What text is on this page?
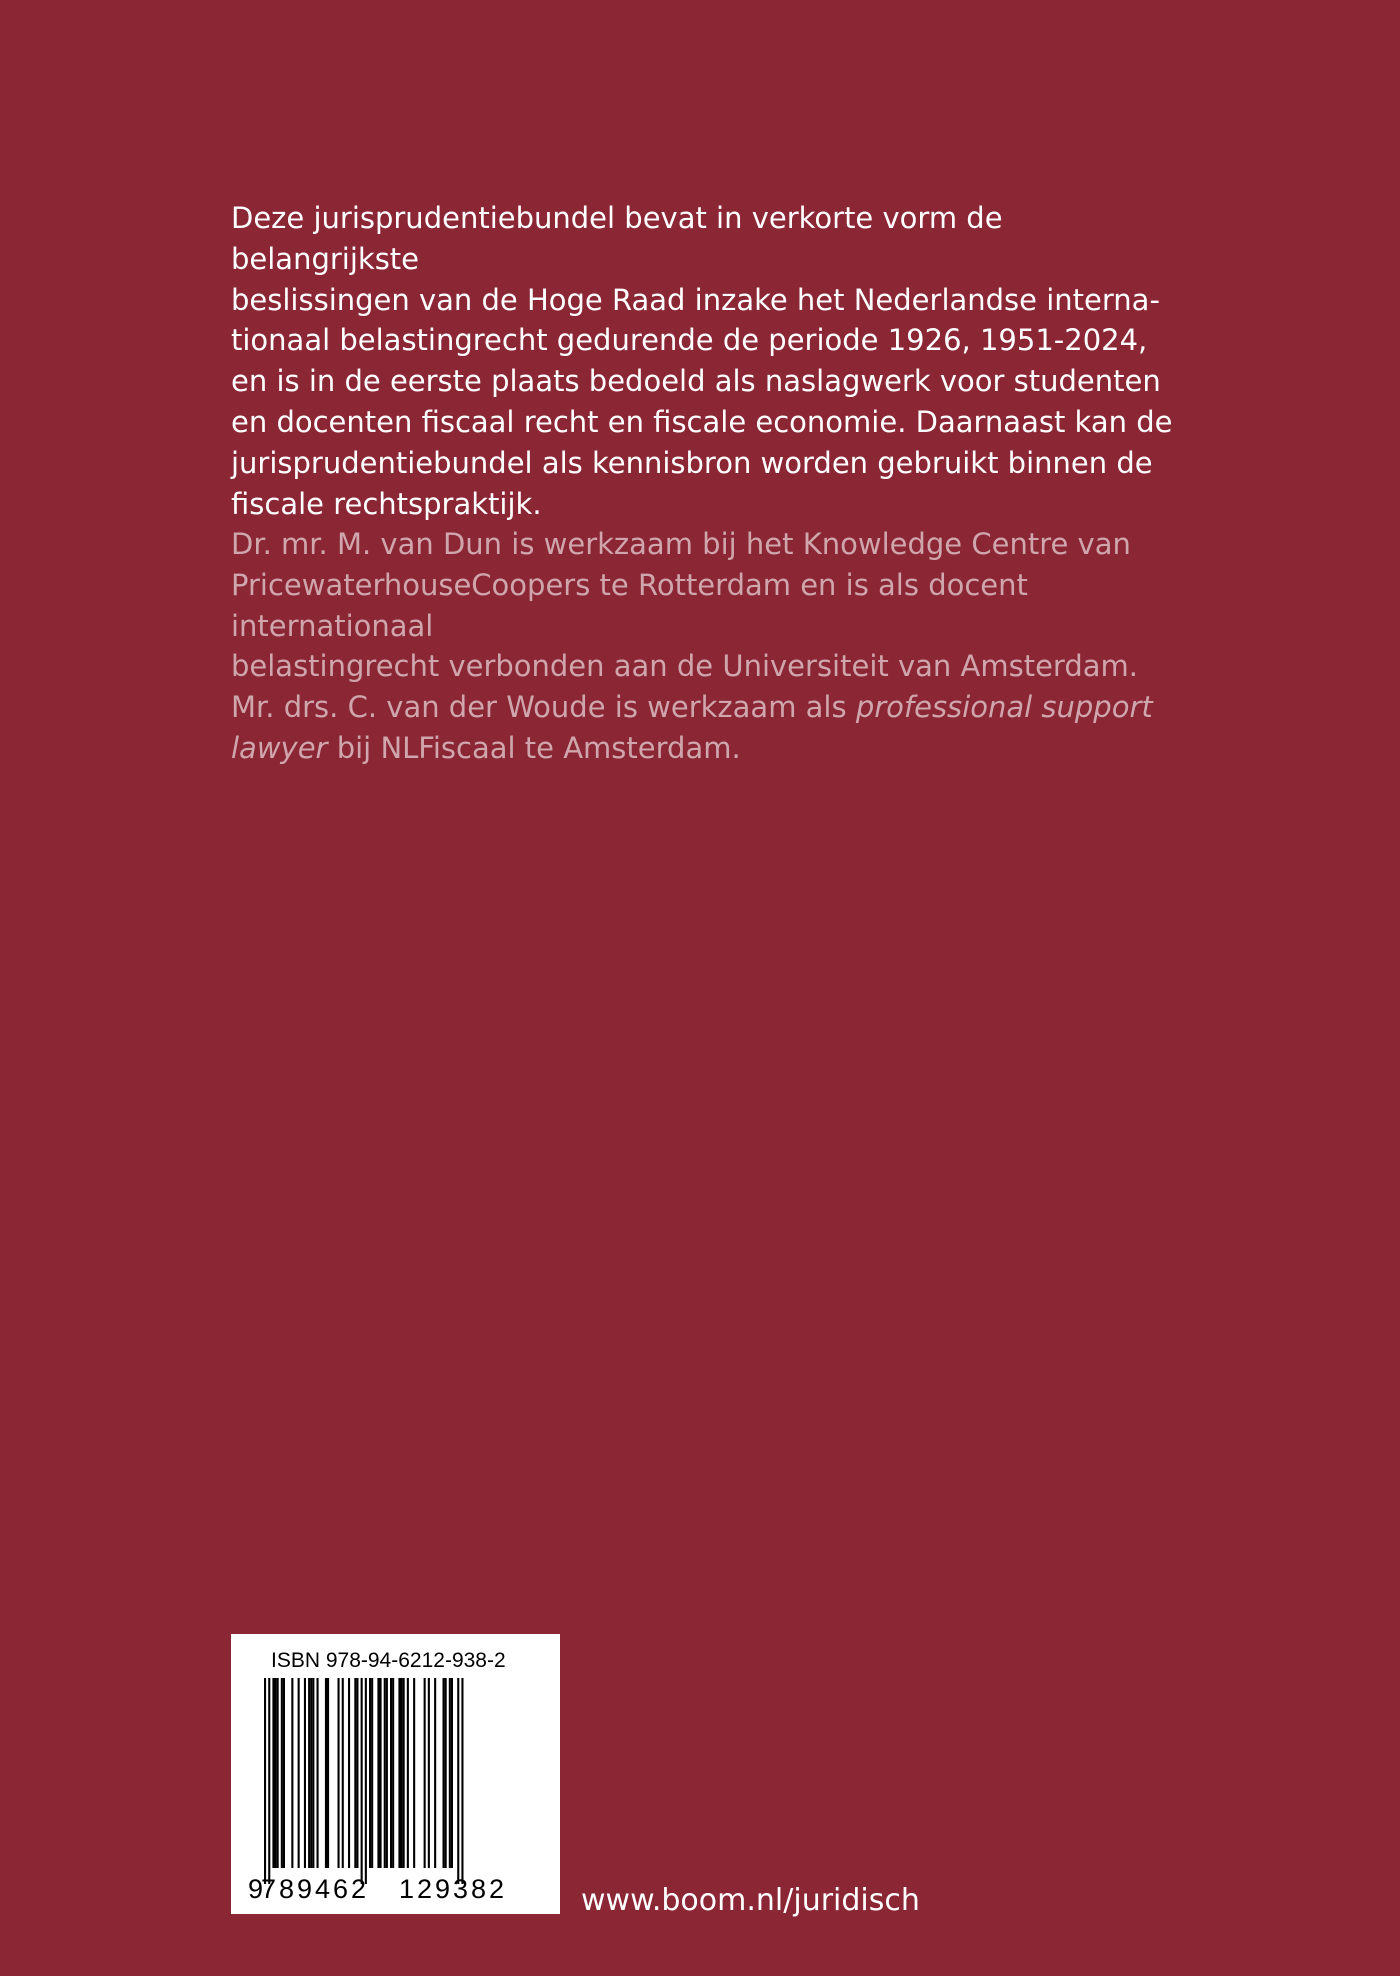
Deze jurisprudentiebundel bevat in verkorte vorm de belangrijkste
beslissingen van de Hoge Raad inzake het Nederlandse interna-
tionaal belastingrecht gedurende de periode 1926, 1951-2024,
en is in de eerste plaats bedoeld als naslagwerk voor studenten
en docenten fiscaal recht en fiscale economie. Daarnaast kan de
jurisprudentiebundel als kennisbron worden gebruikt binnen de
fiscale rechtspraktijk.

Dr. mr. M. van Dun is werkzaam bij het Knowledge Centre van
PricewaterhouseCoopers te Rotterdam en is als docent internationaal
belastingrecht verbonden aan de Universiteit van Amsterdam.
Mr. drs. C. van der Woude is werkzaam als professional support
lawyer bij NLFiscaal te Amsterdam.

ISBN 978-94-6212-938-2
9
789462 129382 www.boom.nl/juridisch
